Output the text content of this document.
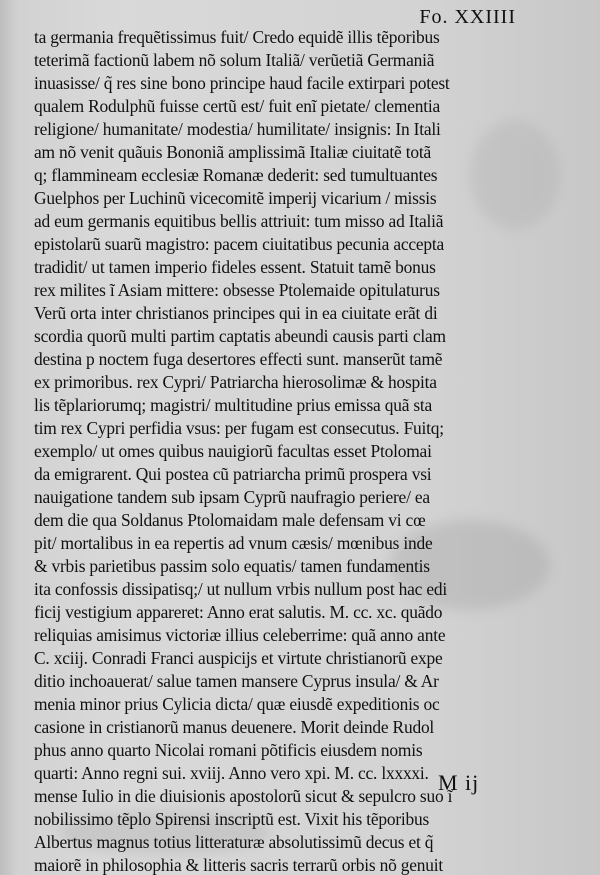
Fo. XXIIII
ta germania frequẽtissimus fuit/ Credo equidẽ illis tẽporibus
teterimã factionũ labem nõ solum Italiã/ verũetiã Germaniã
inuasisse/ q̃ res sine bono principe haud facile extirpari potest
qualem Rodulphũ fuisse certũ est/ fuit enĩ pietate/ clementia
religione/ humanitate/ modestia/ humilitate/ insignis: In Itali
am nõ venit quãuis Bononiã amplissimã Italiæ ciuitatẽ totã
q; flammineam ecclesiæ Romanæ dederit: sed tumultuantes
Guelphos per Luchinũ vicecomitẽ imperij vicarium / missis
ad eum germanis equitibus bellis attriuit: tum misso ad Italiã
epistolarũ suarũ magistro: pacem ciuitatibus pecunia accepta
tradidit/ ut tamen imperio fideles essent. Statuit tamẽ bonus
rex milites ĩ Asiam mittere: obsesse Ptolemaide opitulaturus
Verũ orta inter christianos principes qui in ea ciuitate erãt di
scordia quorũ multi partim captatis abeundi causis parti clam
destina p noctem fuga desertores effecti sunt. manserũt tamẽ
ex primoribus. rex Cypri/ Patriarcha hierosolimæ & hospita
lis tẽplariorumq; magistri/ multitudine prius emissa quã sta
tim rex Cypri perfidia vsus: per fugam est consecutus. Fuitq;
exemplo/ ut omes quibus nauigiorũ facultas esset Ptolomai
da emigrarent. Qui postea cũ patriarcha primũ prospera vsi
nauigatione tandem sub ipsam Cyprũ naufragio periere/ ea
dem die qua Soldanus Ptolomaidam male defensam vi cœ
pit/ mortalibus in ea repertis ad vnum cæsis/ mœnibus inde
& vrbis parietibus passim solo equatis/ tamen fundamentis
ita confossis dissipatisq;/ ut nullum vrbis nullum post hac edi
ficij vestigium appareret: Anno erat salutis. M. cc. xc. quãdo
reliquias amisimus victoriæ illius celeberrime: quã anno ante
C. xciij. Conradi Franci auspicijs et virtute christianorũ expe
ditio inchoauerat/ salue tamen mansere Cyprus insula/ & Ar
menia minor prius Cylicia dicta/ quæ eiusdẽ expeditionis oc
casione in cristianorũ manus deuenere. Morit deinde Rudol
phus anno quarto Nicolai romani põtificis eiusdem nomis
quarti: Anno regni sui. xviij. Anno vero xpi. M. cc. lxxxxi.
mense Iulio in die diuisionis apostolorũ sicut & sepulcro suo ĩ
nobilissimo tẽplo Spirensi inscriptũ est. Vixit his tẽporibus
Albertus magnus totius litteraturæ absolutissimũ decus et q̃
maiorẽ in philosophia & litteris sacris terrarũ orbis nõ genuit
M ij
